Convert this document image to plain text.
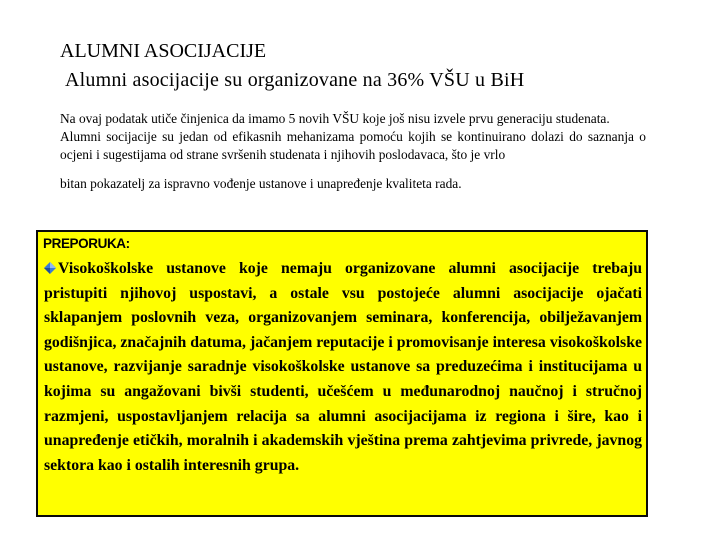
ALUMNI ASOCIJACIJE
Alumni asocijacije su organizovane na 36% VŠU u BiH

Na ovaj podatak utiče činjenica da imamo 5 novih VŠU koje još nisu izvele prvu generaciju studenata.

Alumni socijacije su jedan od efikasnih mehanizama pomoću kojih se kontinuirano dolazi do saznanja o ocjeni i sugestijama od strane svršenih studenata i njihovih poslodavaca, što je vrlo

bitan pokazatelj za ispravno vođenje ustanove i unapređenje kvaliteta rada.

PREPORUKA:
Visokoškolske ustanove koje nemaju organizovane alumni asocijacije trebaju pristupiti njihovoj uspostavi, a ostale vsu postojeće alumni asocijacije ojačati sklapanjem poslovnih veza, organizovanjem seminara, konferencija, obilježavanjem godišnjica, značajnih datuma, jačanjem reputacije i promovisanje interesa visokoškolske ustanove, razvijanje saradnje visokoškolske ustanove sa preduzećima i institucijama u kojima su angažovani bivši studenti, učešćem u međunarodnoj naučnoj i stručnoj razmjeni, uspostavljanjem relacija sa alumni asocijacijama iz regiona i šire, kao i unapređenje etičkih, moralnih i akademskih vještina prema zahtjevima privrede, javnog sektora kao i ostalih interesnih grupa.
